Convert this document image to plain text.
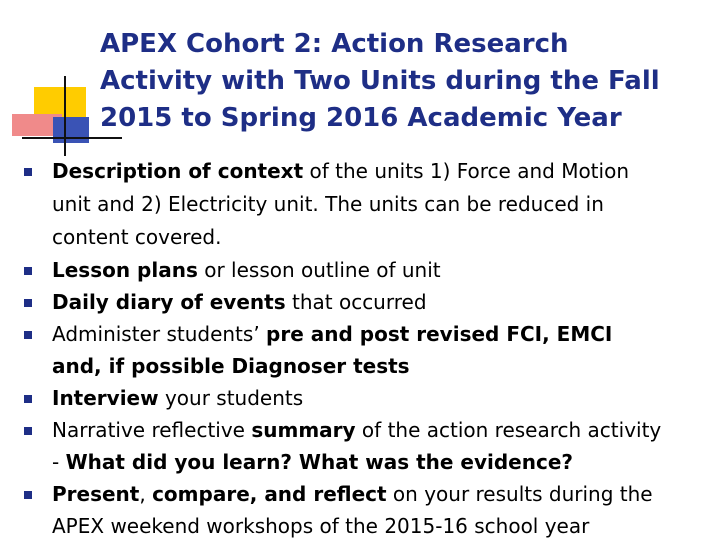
APEX Cohort 2: Action Research
Activity with Two Units during the Fall
2015 to Spring 2016 Academic Year
Description of context of the units 1) Force and Motion
unit and 2) Electricity unit. The units can be reduced in
content covered.
Lesson plans or lesson outline of unit
Daily diary of events that occurred
Administer students’ pre and post revised FCI, EMCI
and, if possible Diagnoser tests
Interview your students
Narrative reflective summary of the action research activity
- What did you learn? What was the evidence?
Present, compare, and reflect on your results during the
APEX weekend workshops of the 2015-16 school year
